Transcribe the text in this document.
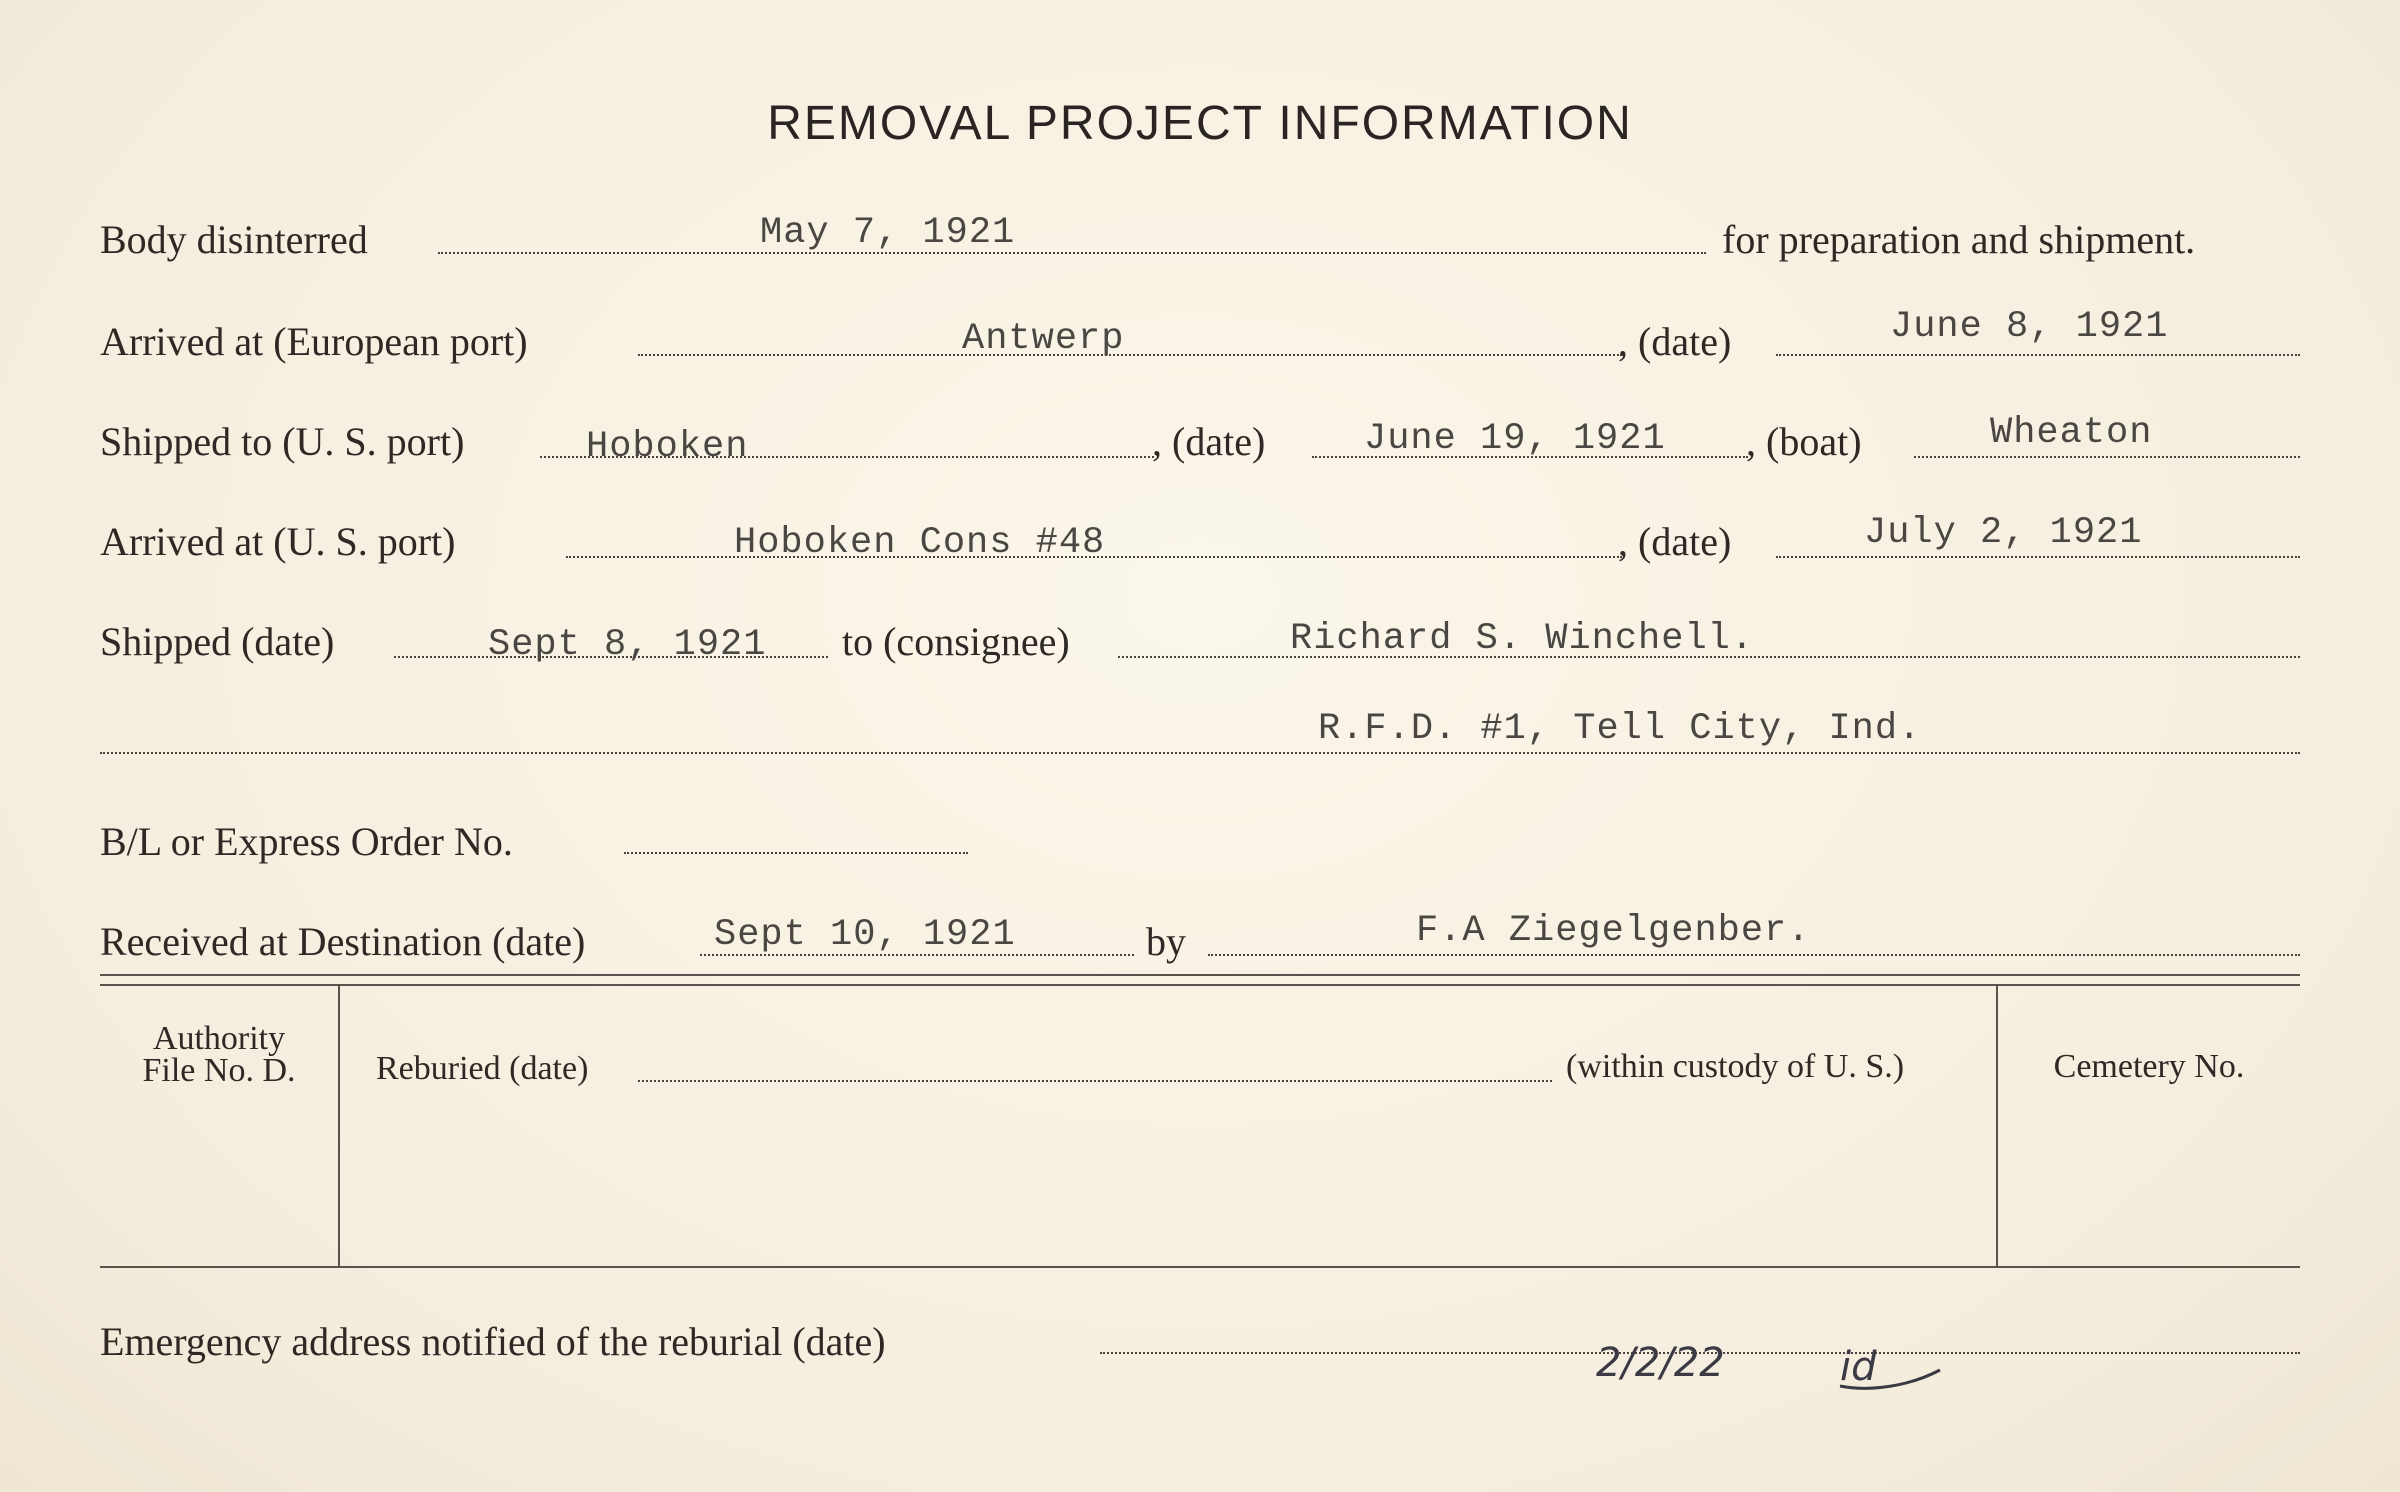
REMOVAL PROJECT INFORMATION
Body disinterred	May 7, 1921	for preparation and shipment.
Arrived at (European port)	Antwerp	, (date)	June 8, 1921
Shipped to (U. S. port)	Hoboken	, (date)	June 19, 1921 , (boat)	Wheaton
Arrived at (U. S. port)	Hoboken Cons #48	, (date)	July 2, 1921
Shipped (date)	Sept 8, 1921 to (consignee)	Richard S. Winchell.
R.F.D. #1, Tell City, Ind.
B/L or Express Order No.
Received at Destination (date)	Sept 10, 1921	by	F.A Ziegelgenber.
Authority
File No. D.	Reburied (date)	(within custody of U. S.)	Cemetery No.
Emergency address notified of the reburial (date)	2/2/22	id
